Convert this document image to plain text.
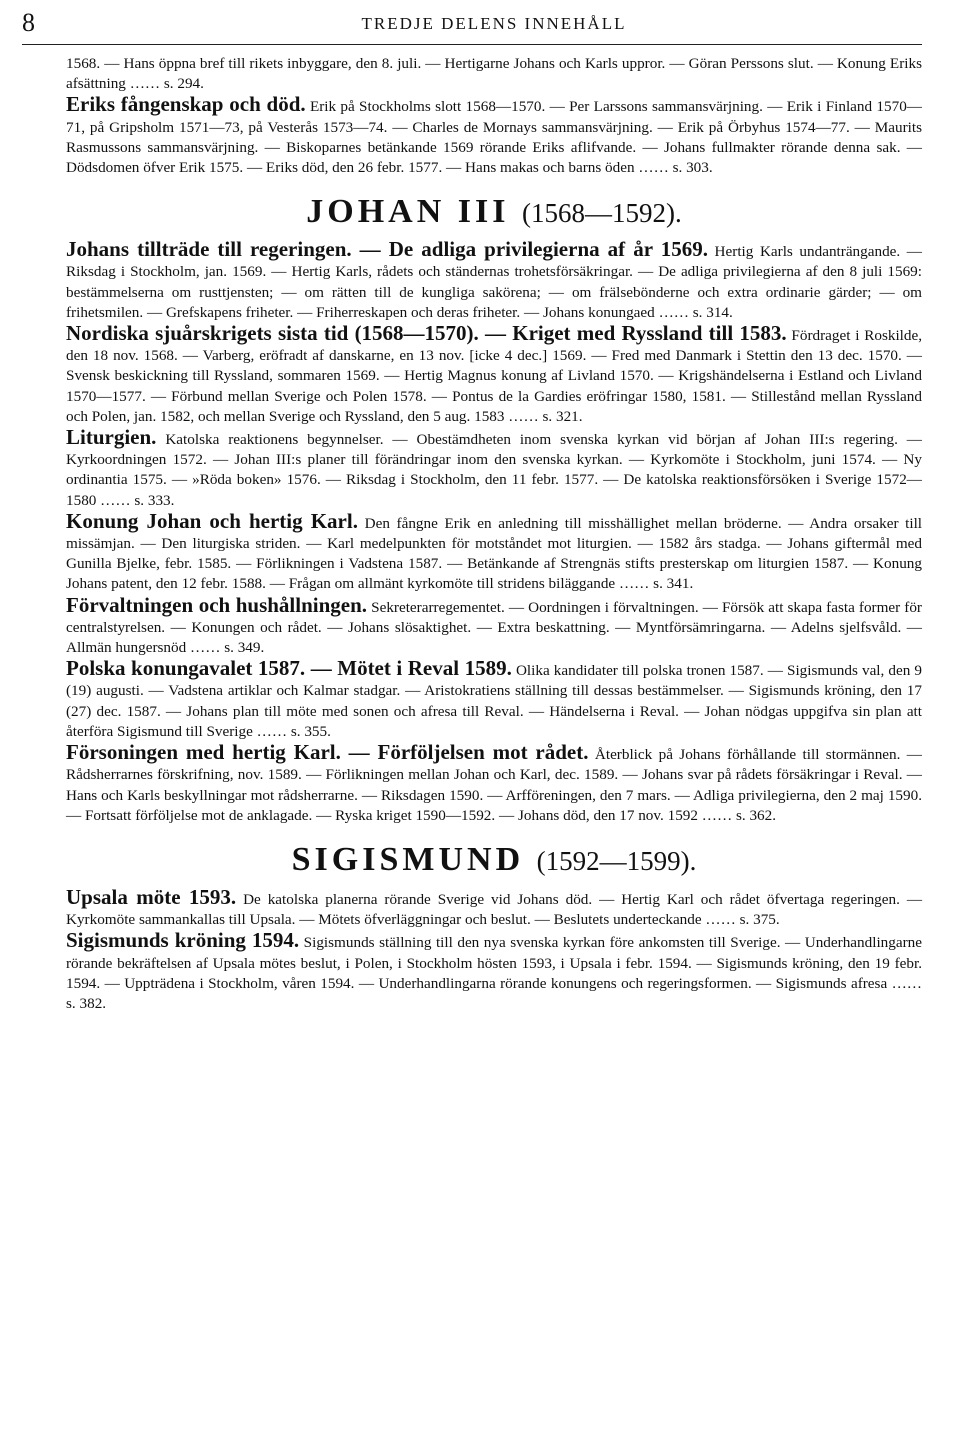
8	TREDJE DELENS INNEHÅLL

1568. — Hans öppna bref till rikets inbyggare, den 8. juli. — Hertigarne Johans och Karls uppror. — Göran Perssons slut. — Konung Eriks afsättning …… s. 294.

Eriks fångenskap och död. Erik på Stockholms slott 1568—1570. — Per Larssons sammansvärjning. — Erik i Finland 1570—71, på Gripsholm 1571—73, på Vesterås 1573—74. — Charles de Mornays sammansvärjning. — Erik på Örbyhus 1574—77. — Maurits Rasmussons sammansvärjning. — Biskoparnes betänkande 1569 rörande Eriks aflifvande. — Johans fullmakter rörande denna sak. — Dödsdomen öfver Erik 1575. — Eriks död, den 26 febr. 1577. — Hans makas och barns öden …… s. 303.

JOHAN III (1568—1592).

Johans tillträde till regeringen. — De adliga privilegierna af år 1569. Hertig Karls undanträngande. — Riksdag i Stockholm, jan. 1569. — Hertig Karls, rådets och ständernas trohetsförsäkringar. — De adliga privilegierna af den 8 juli 1569: bestämmelserna om rusttjensten; — om rätten till de kungliga sakörena; — om frälsebönderne och extra ordinarie gärder; — om frihetsmilen. — Grefskapens friheter. — Friherreskapen och deras friheter. — Johans konungaed …… s. 314.

Nordiska sjuårskrigets sista tid (1568—1570). — Kriget med Ryssland till 1583. Fördraget i Roskilde, den 18 nov. 1568. — Varberg, eröfradt af danskarne, en 13 nov. [icke 4 dec.] 1569. — Fred med Danmark i Stettin den 13 dec. 1570. — Svensk beskickning till Ryssland, sommaren 1569. — Hertig Magnus konung af Livland 1570. — Krigshändelserna i Estland och Livland 1570—1577. — Förbund mellan Sverige och Polen 1578. — Pontus de la Gardies eröfringar 1580, 1581. — Stillestånd mellan Ryssland och Polen, jan. 1582, och mellan Sverige och Ryssland, den 5 aug. 1583 …… s. 321.

Liturgien. Katolska reaktionens begynnelser. — Obestämdheten inom svenska kyrkan vid början af Johan III:s regering. — Kyrkoordningen 1572. — Johan III:s planer till förändringar inom den svenska kyrkan. — Kyrkomöte i Stockholm, juni 1574. — Ny ordinantia 1575. — »Röda boken» 1576. — Riksdag i Stockholm, den 11 febr. 1577. — De katolska reaktionsförsöken i Sverige 1572—1580 …… s. 333.

Konung Johan och hertig Karl. Den fångne Erik en anledning till misshällighet mellan bröderne. — Andra orsaker till missämjan. — Den liturgiska striden. — Karl medelpunkten för motståndet mot liturgien. — 1582 års stadga. — Johans giftermål med Gunilla Bjelke, febr. 1585. — Förlikningen i Vadstena 1587. — Betänkande af Strengnäs stifts presterskap om liturgien 1587. — Konung Johans patent, den 12 febr. 1588. — Frågan om allmänt kyrkomöte till stridens biläggande …… s. 341.

Förvaltningen och hushållningen. Sekreterarregementet. — Oordningen i förvaltningen. — Försök att skapa fasta former för centralstyrelsen. — Konungen och rådet. — Johans slösaktighet. — Extra beskattning. — Myntförsämringarna. — Adelns sjelfsvåld. — Allmän hungersnöd …… s. 349.

Polska konungavalet 1587. — Mötet i Reval 1589. Olika kandidater till polska tronen 1587. — Sigismunds val, den 9 (19) augusti. — Vadstena artiklar och Kalmar stadgar. — Aristokratiens ställning till dessas bestämmelser. — Sigismunds kröning, den 17 (27) dec. 1587. — Johans plan till möte med sonen och afresa till Reval. — Händelserna i Reval. — Johan nödgas uppgifva sin plan att återföra Sigismund till Sverige …… s. 355.

Försoningen med hertig Karl. — Förföljelsen mot rådet. Återblick på Johans förhållande till stormännen. — Rådsherrarnes förskrifning, nov. 1589. — Förlikningen mellan Johan och Karl, dec. 1589. — Johans svar på rådets försäkringar i Reval. — Hans och Karls beskyllningar mot rådsherrarne. — Riksdagen 1590. — Arfföreningen, den 7 mars. — Adliga privilegierna, den 2 maj 1590. — Fortsatt förföljelse mot de anklagade. — Ryska kriget 1590—1592. — Johans död, den 17 nov. 1592 …… s. 362.

SIGISMUND (1592—1599).

Upsala möte 1593. De katolska planerna rörande Sverige vid Johans död. — Hertig Karl och rådet öfvertaga regeringen. — Kyrkomöte sammankallas till Upsala. — Mötets öfverläggningar och beslut. — Beslutets underteckande …… s. 375.

Sigismunds kröning 1594. Sigismunds ställning till den nya svenska kyrkan före ankomsten till Sverige. — Underhandlingarne rörande bekräftelsen af Upsala mötes beslut, i Polen, i Stockholm hösten 1593, i Upsala i febr. 1594. — Sigismunds kröning, den 19 febr. 1594. — Uppträdena i Stockholm, våren 1594. — Underhandlingarna rörande konungens och regeringsformen. — Sigismunds afresa …… s. 382.
